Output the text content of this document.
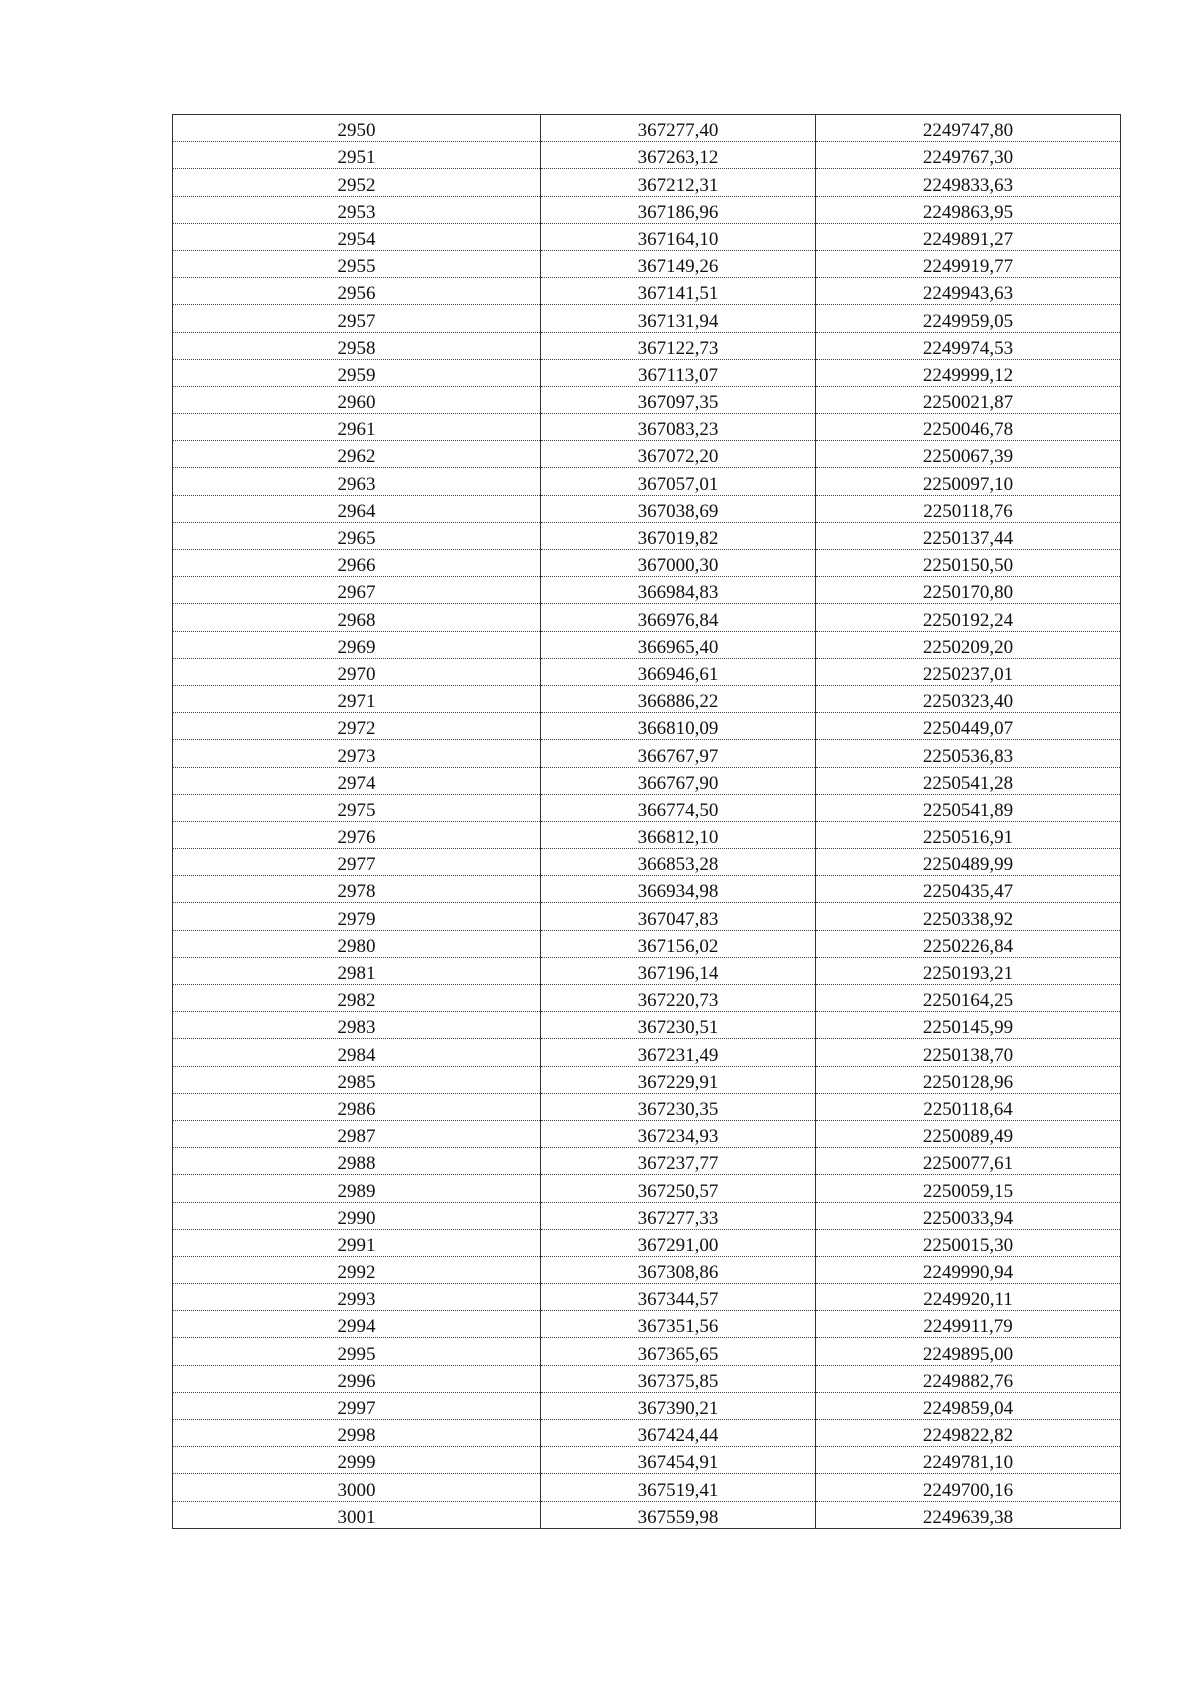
2950	367277,40	2249747,80
2951	367263,12	2249767,30
2952	367212,31	2249833,63
2953	367186,96	2249863,95
2954	367164,10	2249891,27
2955	367149,26	2249919,77
2956	367141,51	2249943,63
2957	367131,94	2249959,05
2958	367122,73	2249974,53
2959	367113,07	2249999,12
2960	367097,35	2250021,87
2961	367083,23	2250046,78
2962	367072,20	2250067,39
2963	367057,01	2250097,10
2964	367038,69	2250118,76
2965	367019,82	2250137,44
2966	367000,30	2250150,50
2967	366984,83	2250170,80
2968	366976,84	2250192,24
2969	366965,40	2250209,20
2970	366946,61	2250237,01
2971	366886,22	2250323,40
2972	366810,09	2250449,07
2973	366767,97	2250536,83
2974	366767,90	2250541,28
2975	366774,50	2250541,89
2976	366812,10	2250516,91
2977	366853,28	2250489,99
2978	366934,98	2250435,47
2979	367047,83	2250338,92
2980	367156,02	2250226,84
2981	367196,14	2250193,21
2982	367220,73	2250164,25
2983	367230,51	2250145,99
2984	367231,49	2250138,70
2985	367229,91	2250128,96
2986	367230,35	2250118,64
2987	367234,93	2250089,49
2988	367237,77	2250077,61
2989	367250,57	2250059,15
2990	367277,33	2250033,94
2991	367291,00	2250015,30
2992	367308,86	2249990,94
2993	367344,57	2249920,11
2994	367351,56	2249911,79
2995	367365,65	2249895,00
2996	367375,85	2249882,76
2997	367390,21	2249859,04
2998	367424,44	2249822,82
2999	367454,91	2249781,10
3000	367519,41	2249700,16
3001	367559,98	2249639,38
